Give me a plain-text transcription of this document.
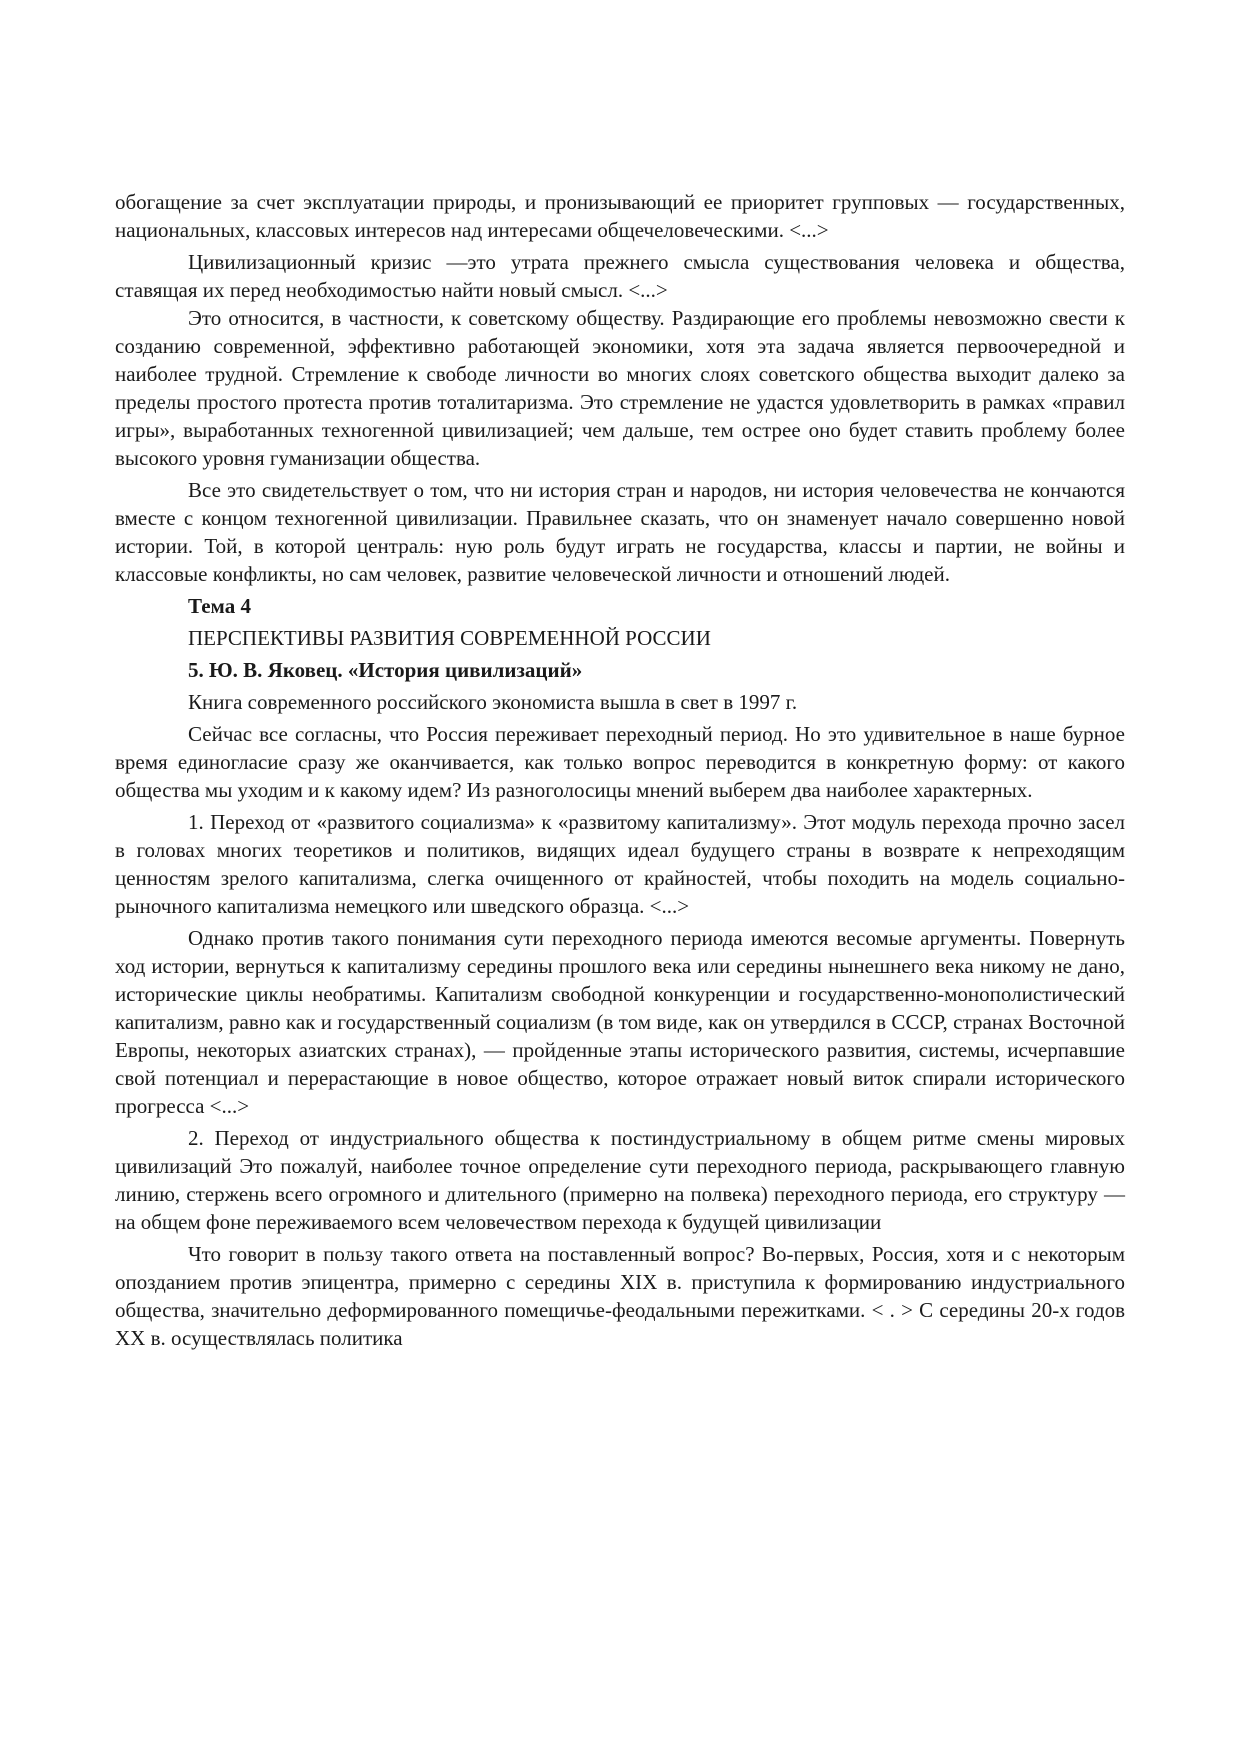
обогащение за счет эксплуатации природы, и пронизывающий ее приоритет групповых — государственных, национальных, классовых интересов над интересами общечеловеческими. <...>

Цивилизационный кризис —это утрата прежнего смысла существования человека и общества, ставящая их перед необходимостью найти новый смысл. <...>

Это относится, в частности, к советскому обществу. Раздирающие его проблемы невозможно свести к созданию современной, эффективно работающей экономики, хотя эта задача является первоочередной и наиболее трудной. Стремление к свободе личности во многих слоях советского общества выходит далеко за пределы простого протеста против тоталитаризма. Это стремление не удастся удовлетворить в рамках «правил игры», выработанных техногенной цивилизацией; чем дальше, тем острее оно будет ставить проблему более высокого уровня гуманизации общества.

Все это свидетельствует о том, что ни история стран и народов, ни история человечества не кончаются вместе с концом техногенной цивилизации. Правильнее сказать, что он знаменует начало совершенно новой истории. Той, в которой централь: ную роль будут играть не государства, классы и партии, не войны и классовые конфликты, но сам человек, развитие человеческой личности и отношений людей.

Тема 4
ПЕРСПЕКТИВЫ РАЗВИТИЯ СОВРЕМЕННОЙ РОССИИ
5. Ю. В. Яковец. «История цивилизаций»

Книга современного российского экономиста вышла в свет в 1997 г.

Сейчас все согласны, что Россия переживает переходный период. Но это удивительное в наше бурное время единогласие сразу же оканчивается, как только вопрос переводится в конкретную форму: от какого общества мы уходим и к какому идем? Из разноголосицы мнений выберем два наиболее характерных.

1. Переход от «развитого социализма» к «развитому капитализму». Этот модуль перехода прочно засел в головах многих теоретиков и политиков, видящих идеал будущего страны в возврате к непреходящим ценностям зрелого капитализма, слегка очищенного от крайностей, чтобы походить на модель социально-рыночного капитализма немецкого или шведского образца. <...>

Однако против такого понимания сути переходного периода имеются весомые аргументы. Повернуть ход истории, вернуться к капитализму середины прошлого века или середины нынешнего века никому не дано, исторические циклы необратимы. Капитализм свободной конкуренции и государственно-монополистический капитализм, равно как и государственный социализм (в том виде, как он утвердился в СССР, странах Восточной Европы, некоторых азиатских странах), — пройденные этапы исторического развития, системы, исчерпавшие свой потенциал и перерастающие в новое общество, которое отражает новый виток спирали исторического прогресса <...>

2. Переход от индустриального общества к постиндустриальному в общем ритме смены мировых цивилизаций Это пожалуй, наиболее точное определение сути переходного периода, раскрывающего главную линию, стержень всего огромного и длительного (примерно на полвека) переходного периода, его структуру — на общем фоне переживаемого всем человечеством перехода к будущей цивилизации

Что говорит в пользу такого ответа на поставленный вопрос? Во-первых, Россия, хотя и с некоторым опозданием против эпицентра, примерно с середины XIX в. приступила к формированию индустриального общества, значительно деформированного помещичье-феодальными пережитками. < . > С середины 20-х годов XX в. осуществлялась политика
